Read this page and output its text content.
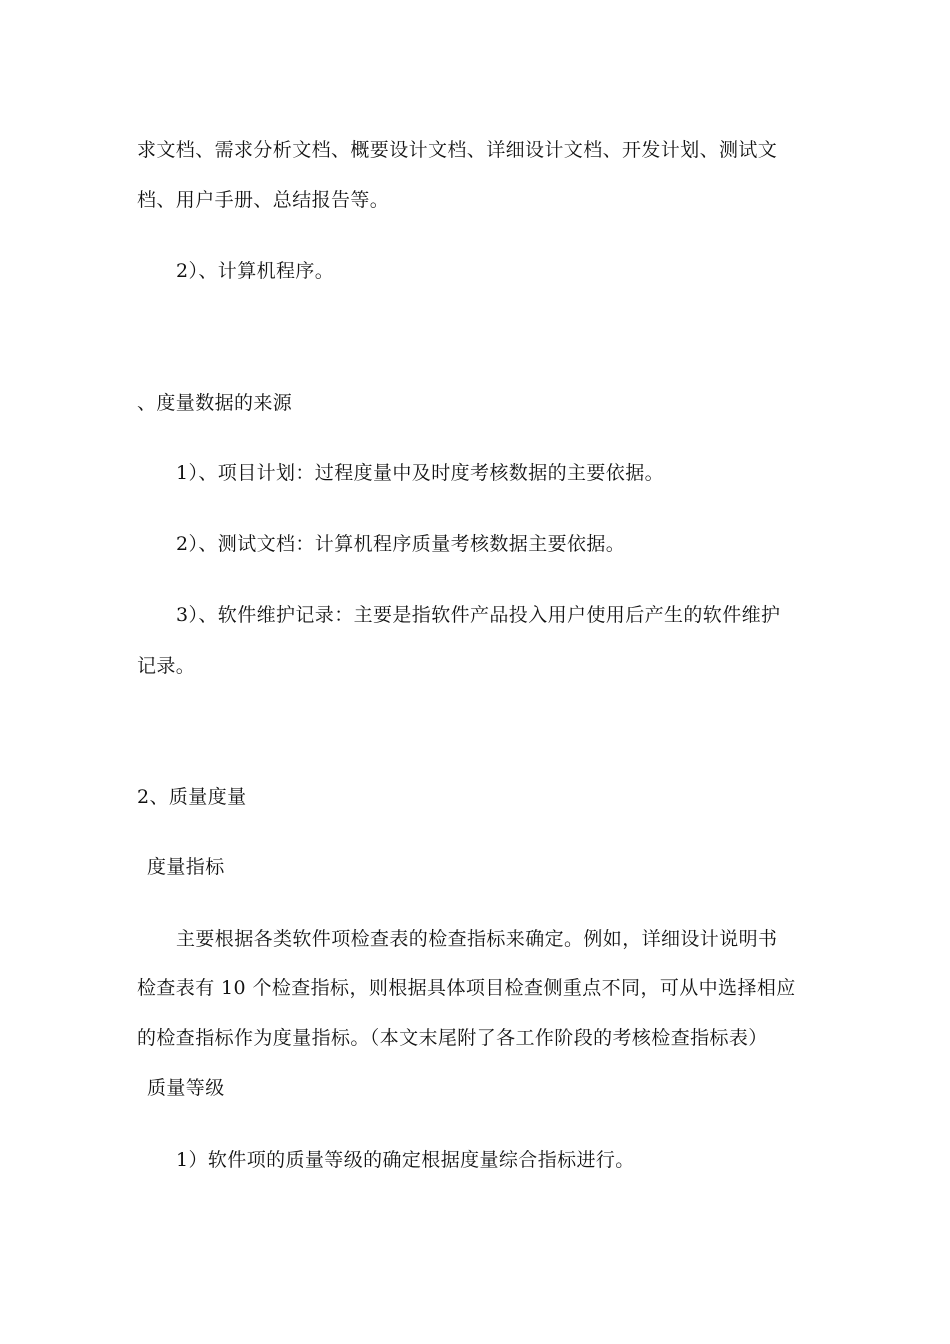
求文档、需求分析文档、概要设计文档、详细设计文档、开发计划、测试文
档、用户手册、总结报告等。
2）、计算机程序。
、度量数据的来源
1）、项目计划：过程度量中及时度考核数据的主要依据。
2）、测试文档：计算机程序质量考核数据主要依据。
3）、软件维护记录：主要是指软件产品投入用户使用后产生的软件维护
记录。
2、质量度量
度量指标
主要根据各类软件项检查表的检查指标来确定。例如，详细设计说明书
检查表有 10 个检查指标，则根据具体项目检查侧重点不同，可从中选择相应
的检查指标作为度量指标。（本文末尾附了各工作阶段的考核检查指标表）
质量等级
1）软件项的质量等级的确定根据度量综合指标进行。
